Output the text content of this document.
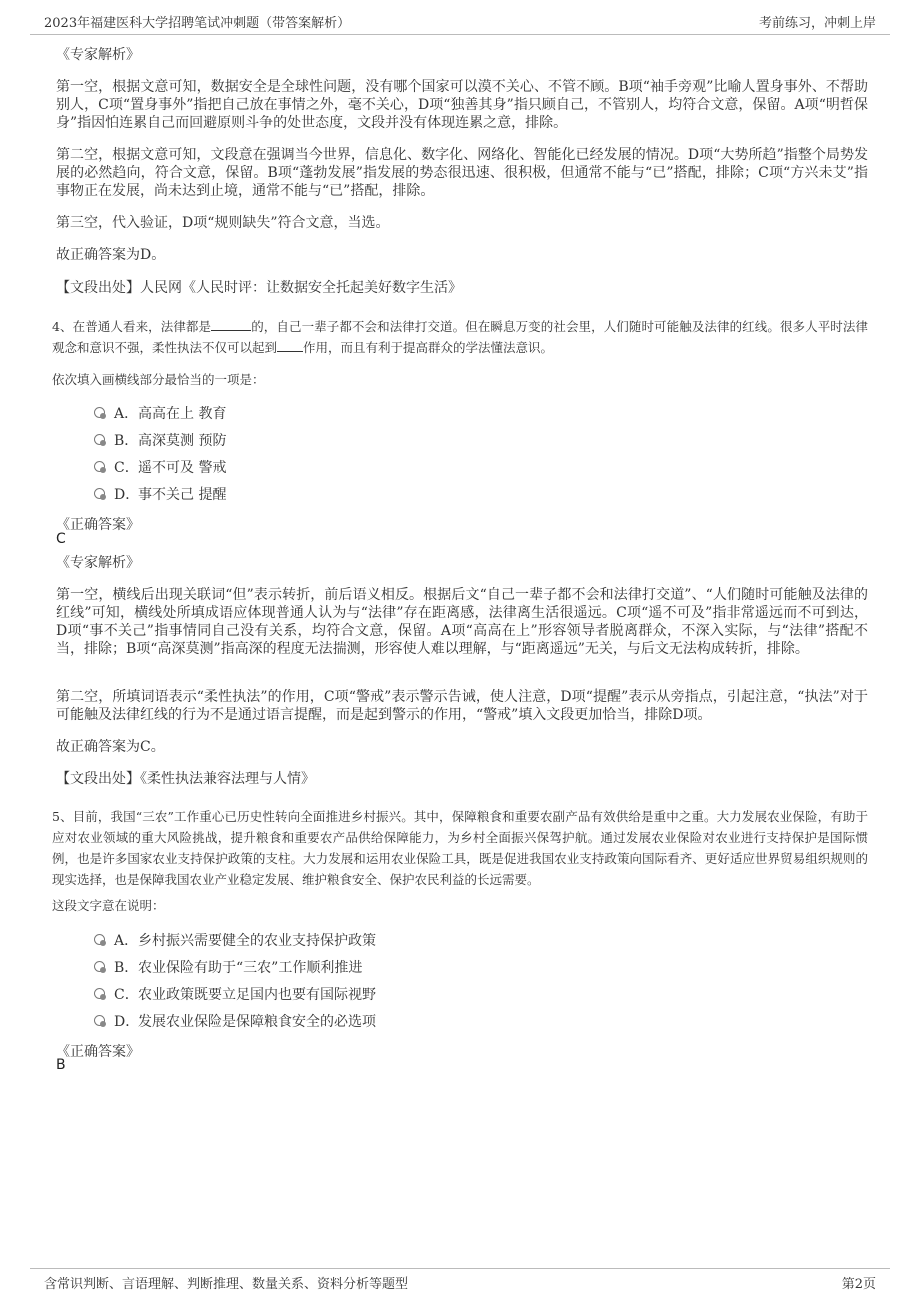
2023年福建医科大学招聘笔试冲刺题（带答案解析）	考前练习，冲刺上岸
《专家解析》
第一空，根据文意可知，数据安全是全球性问题，没有哪个国家可以漠不关心、不管不顾。B项“袖手旁观”比喻人置身事外、不帮助别人，C项“置身事外”指把自己放在事情之外，毫不关心，D项“独善其身”指只顾自己，不管别人，均符合文意，保留。A项“明哲保身”指因怕连累自己而回避原则斗争的处世态度，文段并没有体现连累之意，排除。
第二空，根据文意可知，文段意在强调当今世界，信息化、数字化、网络化、智能化已经发展的情况。D项“大势所趋”指整个局势发展的必然趋向，符合文意，保留。B项“蓬勃发展”指发展的势态很迅速、很积极，但通常不能与“已”搭配，排除；C项“方兴未艾”指事物正在发展，尚未达到止境，通常不能与“已”搭配，排除。
第三空，代入验证，D项“规则缺失”符合文意，当选。
故正确答案为D。
【文段出处】人民网《人民时评：让数据安全托起美好数字生活》
4、在普通人看来，法律都是	的，自己一辈子都不会和法律打交道。但在瞬息万变的社会里，人们随时可能触及法律的红线。很多人平时法律观念和意识不强，柔性执法不仅可以起到 作用，而且有利于提高群众的学法懂法意识。
依次填入画横线部分最恰当的一项是：
A． 高高在上 教育
B． 高深莫测 预防
C． 遥不可及 警戒
D．
事不关己 提醒
《正确答案》
C
《专家解析》
第一空，横线后出现关联词“但”表示转折，前后语义相反。根据后文“自己一辈子都不会和法律打交道”、“人们随时可能触及法律的红线”可知，横线处所填成语应体现普通人认为与“法律”存在距离感，法律离生活很遥远。C项“遥不可及”指非常遥远而不可到达，D项“事不关己”指事情同自己没有关系，均符合文意，保留。A项“高高在上”形容领导者脱离群众，不深入实际，与“法律”搭配不当，排除；B项“高深莫测”指高深的程度无法揣测，形容使人难以理解，与“距离遥远”无关，与后文无法构成转折，排除。
第二空，所填词语表示“柔性执法”的作用，C项“警戒”表示警示告诫，使人注意，D项“提醒”表示从旁指点，引起注意，“执法”对于可能触及法律红线的行为不是通过语言提醒，而是起到警示的作用，“警戒”填入文段更加恰当，排除D项。
故正确答案为C。
【文段出处】《柔性执法兼容法理与人情》
5、目前，我国“三农”工作重心已历史性转向全面推进乡村振兴。其中，保障粮食和重要农副产品有效供给是重中之重。大力发展农业保险，有助于应对农业领域的重大风险挑战，提升粮食和重要农产品供给保障能力，为乡村全面振兴保驾护航。通过发展农业保险对农业进行支持保护是国际惯例，也是许多国家农业支持保护政策的支柱。大力发展和运用农业保险工具，既是促进我国农业支持政策向国际看齐、更好适应世界贸易组织规则的现实选择，也是保障我国农业产业稳定发展、维护粮食安全、保护农民利益的长远需要。
这段文字意在说明：
A． 乡村振兴需要健全的农业支持保护政策
B． 农业保险有助于“三农”工作顺利推进
C． 农业政策既要立足国内也要有国际视野
D．
发展农业保险是保障粮食安全的必选项
《正确答案》
B
含常识判断、言语理解、判断推理、数量关系、资料分析等题型	第2页
